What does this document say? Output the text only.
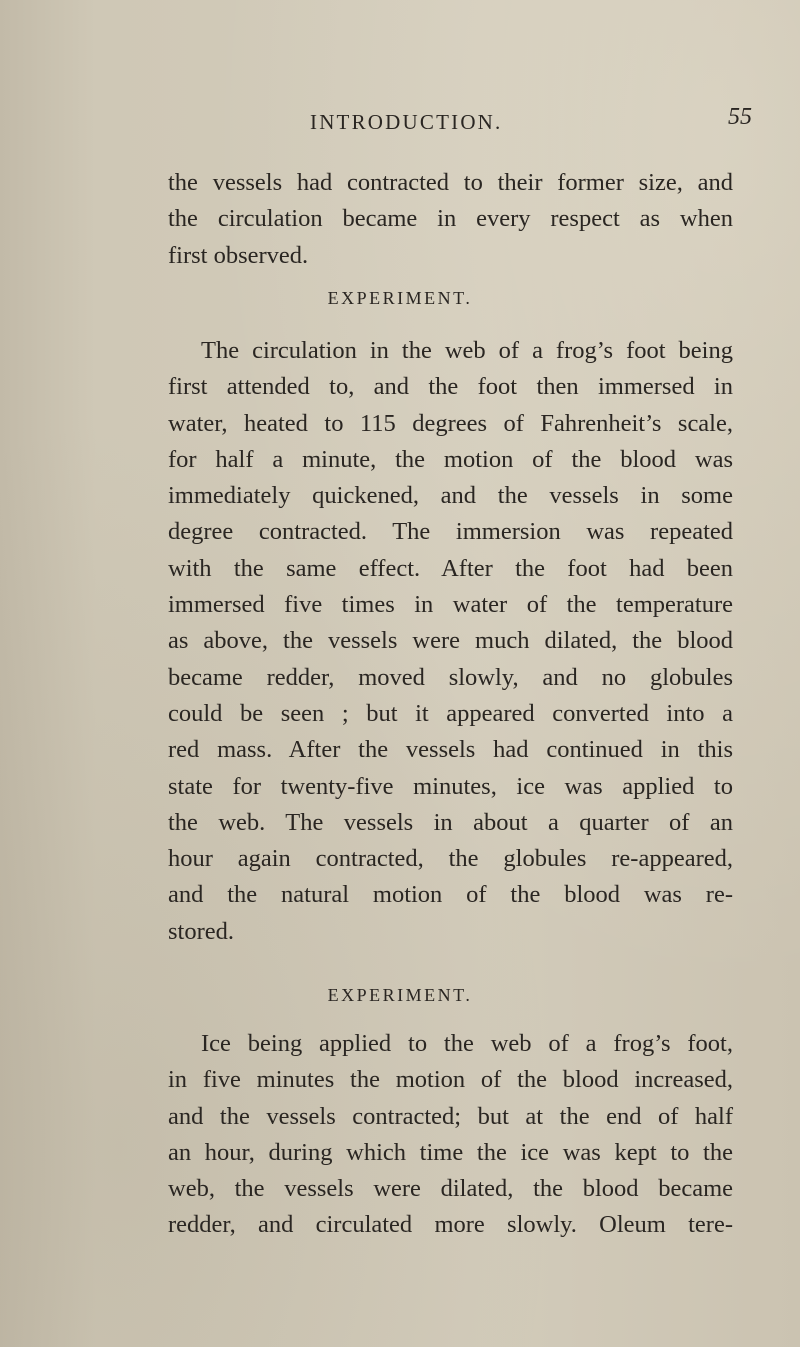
INTRODUCTION.	55
the vessels had contracted to their former size, and
the circulation became in every respect as when
first observed.
EXPERIMENT.
The circulation in the web of a frog’s foot being
first attended to, and the foot then immersed in
water, heated to 115 degrees of Fahrenheit’s scale,
for half a minute, the motion of the blood was
immediately quickened, and the vessels in some
degree contracted. The immersion was repeated
with the same effect. After the foot had been
immersed five times in water of the temperature
as above, the vessels were much dilated, the blood
became redder, moved slowly, and no globules
could be seen ; but it appeared converted into a
red mass. After the vessels had continued in this
state for twenty-five minutes, ice was applied to
the web. The vessels in about a quarter of an
hour again contracted, the globules re-appeared,
and the natural motion of the blood was re-
stored.
EXPERIMENT.
Ice being applied to the web of a frog’s foot,
in five minutes the motion of the blood increased,
and the vessels contracted; but at the end of half
an hour, during which time the ice was kept to the
web, the vessels were dilated, the blood became
redder, and circulated more slowly. Oleum tere-
